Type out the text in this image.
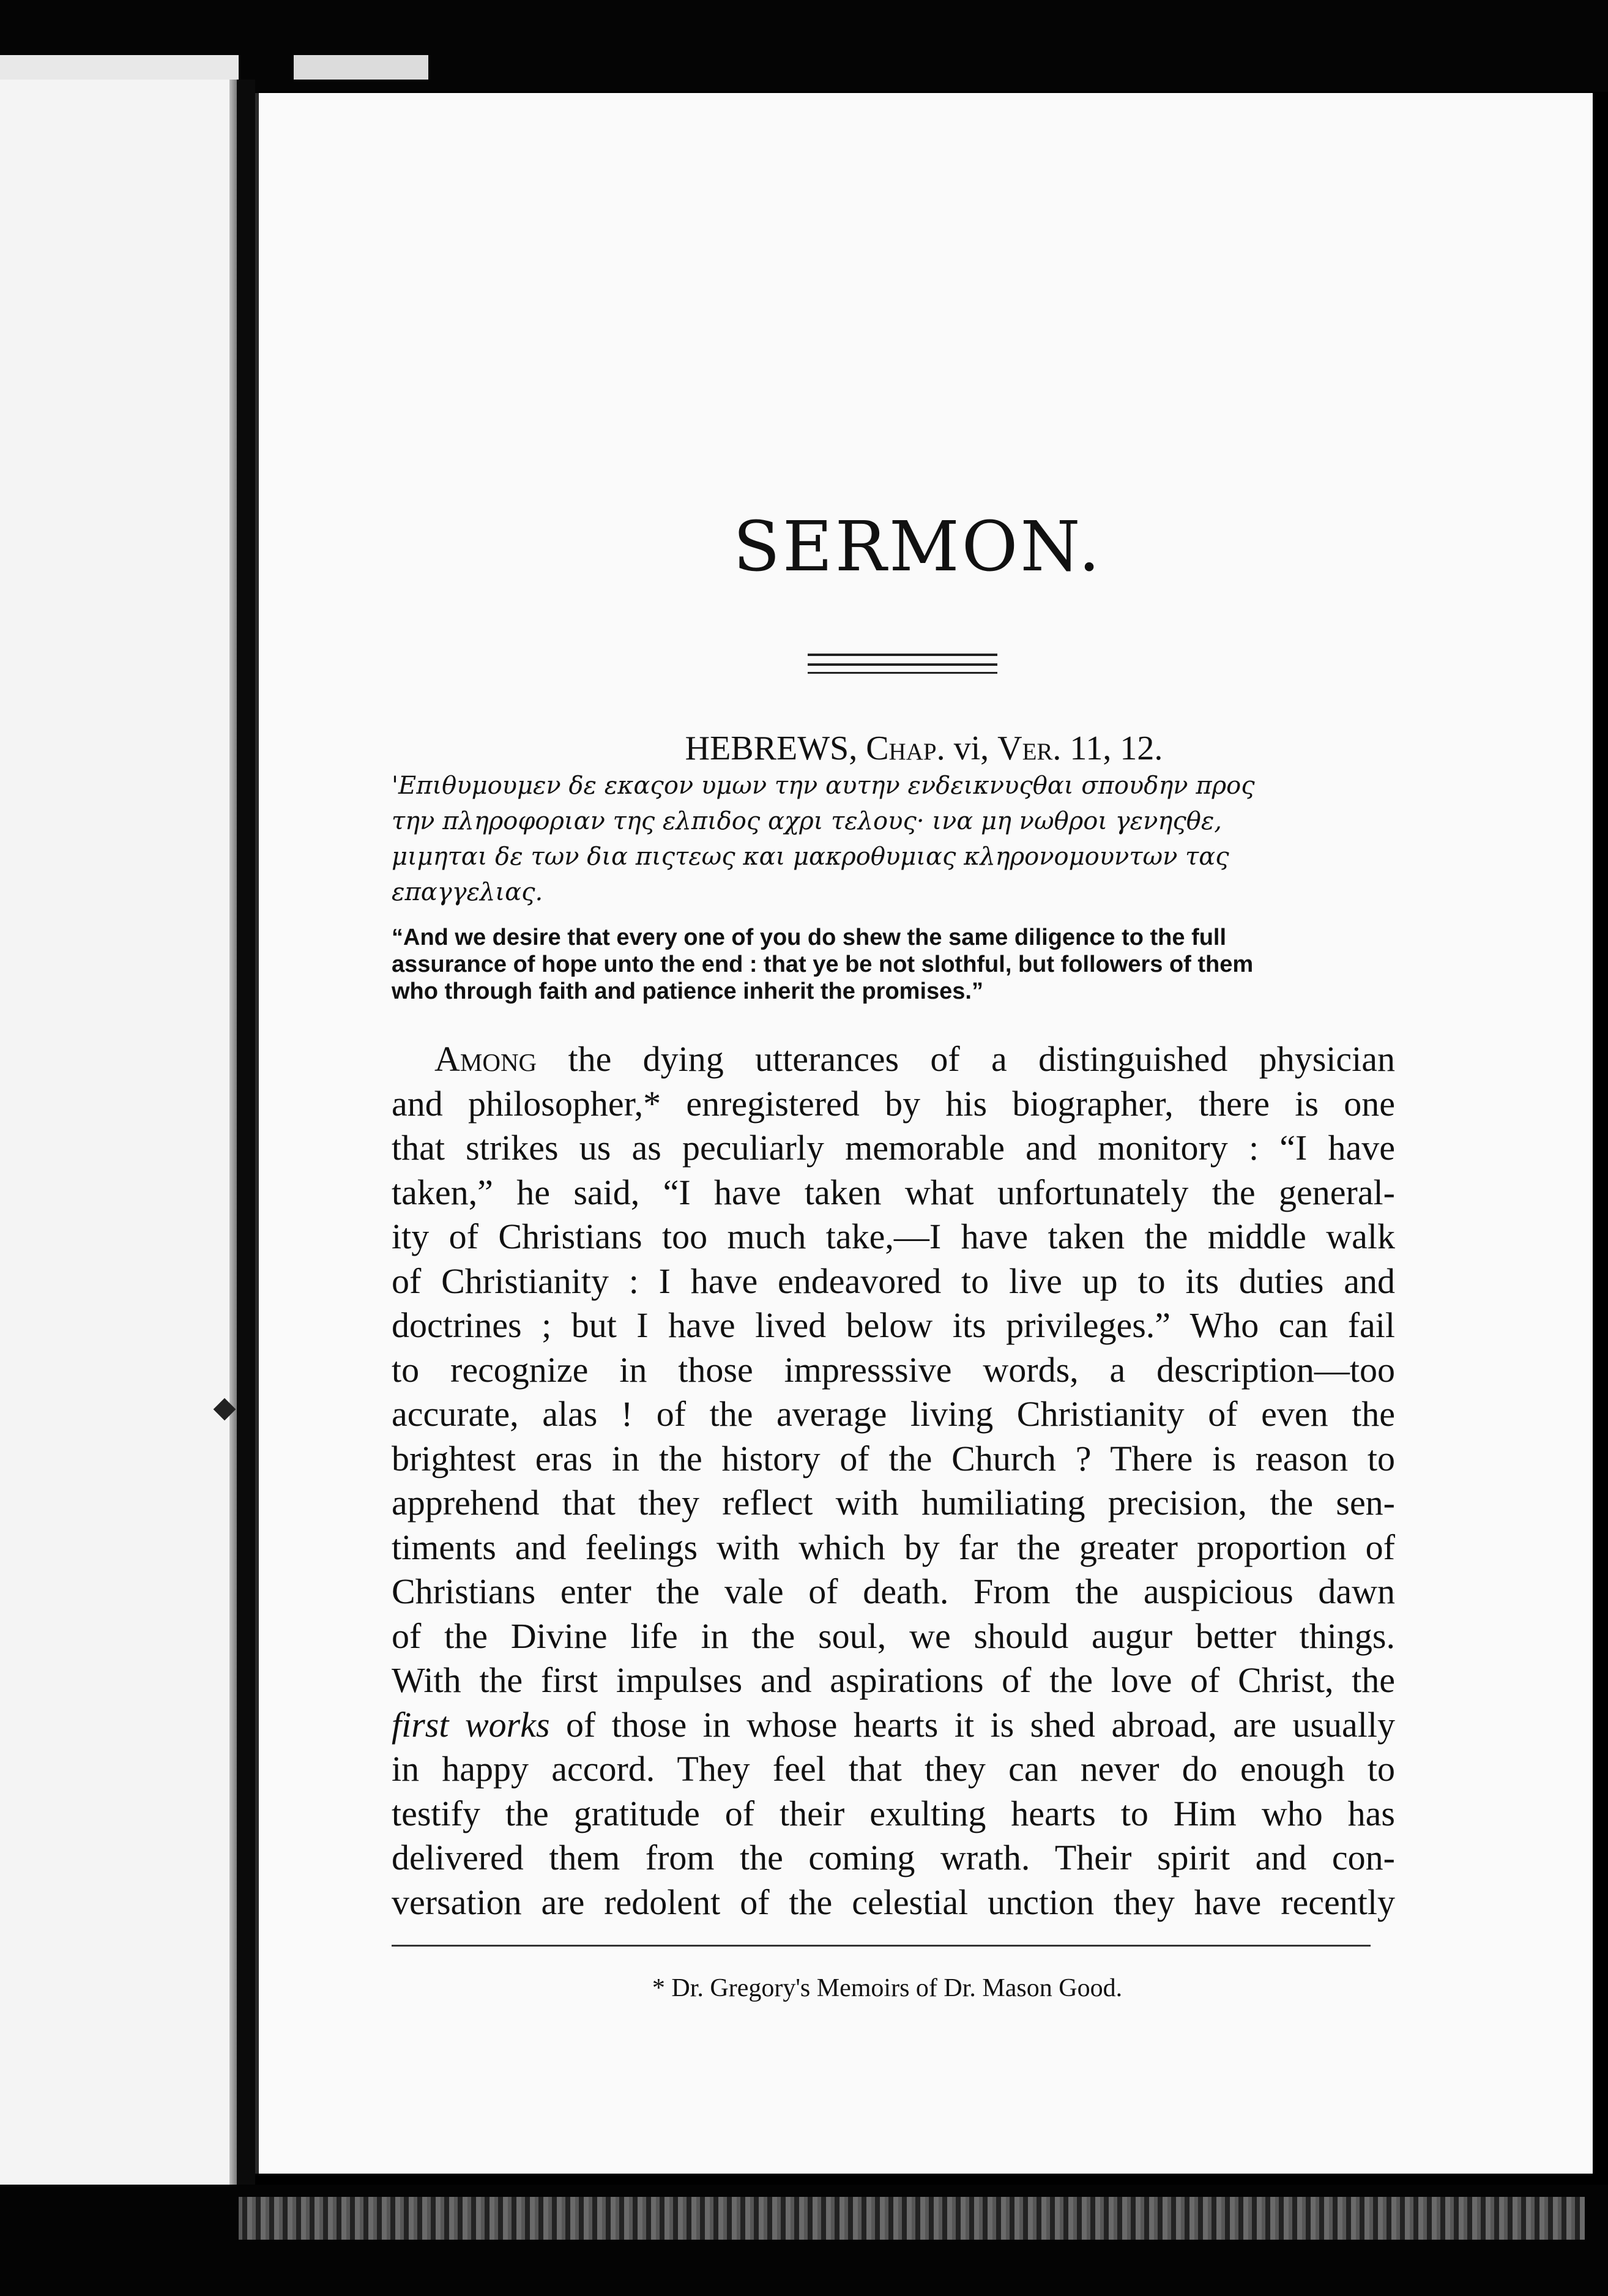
SERMON.
HEBREWS, Chap. vi, Ver. 11, 12.
'Επιθυμουμεν δε εκαςον υμων την αυτην ενδεικνυςθαι σπουδην προς
την πληροφοριαν της ελπιδος αχρι τελους· ινα μη νωθροι γενηςθε,
μιμηται δε των δια πιςτεως και μακροθυμιας κληρονομουντων τας
επαγγελιας.
“And we desire that every one of you do shew the same diligence to the full
assurance of hope unto the end : that ye be not slothful, but followers of them
who through faith and patience inherit the promises.”
Among the dying utterances of a distinguished physician
and philosopher,* enregistered by his biographer, there is one
that strikes us as peculiarly memorable and monitory : “I have
taken,” he said, “I have taken what unfortunately the general-
ity of Christians too much take,—I have taken the middle walk
of Christianity : I have endeavored to live up to its duties and
doctrines ; but I have lived below its privileges.” Who can fail
to recognize in those impresssive words, a description—too
accurate, alas ! of the average living Christianity of even the
brightest eras in the history of the Church ? There is reason to
apprehend that they reflect with humiliating precision, the sen-
timents and feelings with which by far the greater proportion of
Christians enter the vale of death. From the auspicious dawn
of the Divine life in the soul, we should augur better things.
With the first impulses and aspirations of the love of Christ, the
first works of those in whose hearts it is shed abroad, are usually
in happy accord. They feel that they can never do enough to
testify the gratitude of their exulting hearts to Him who has
delivered them from the coming wrath. Their spirit and con-
versation are redolent of the celestial unction they have recently
* Dr. Gregory's Memoirs of Dr. Mason Good.
